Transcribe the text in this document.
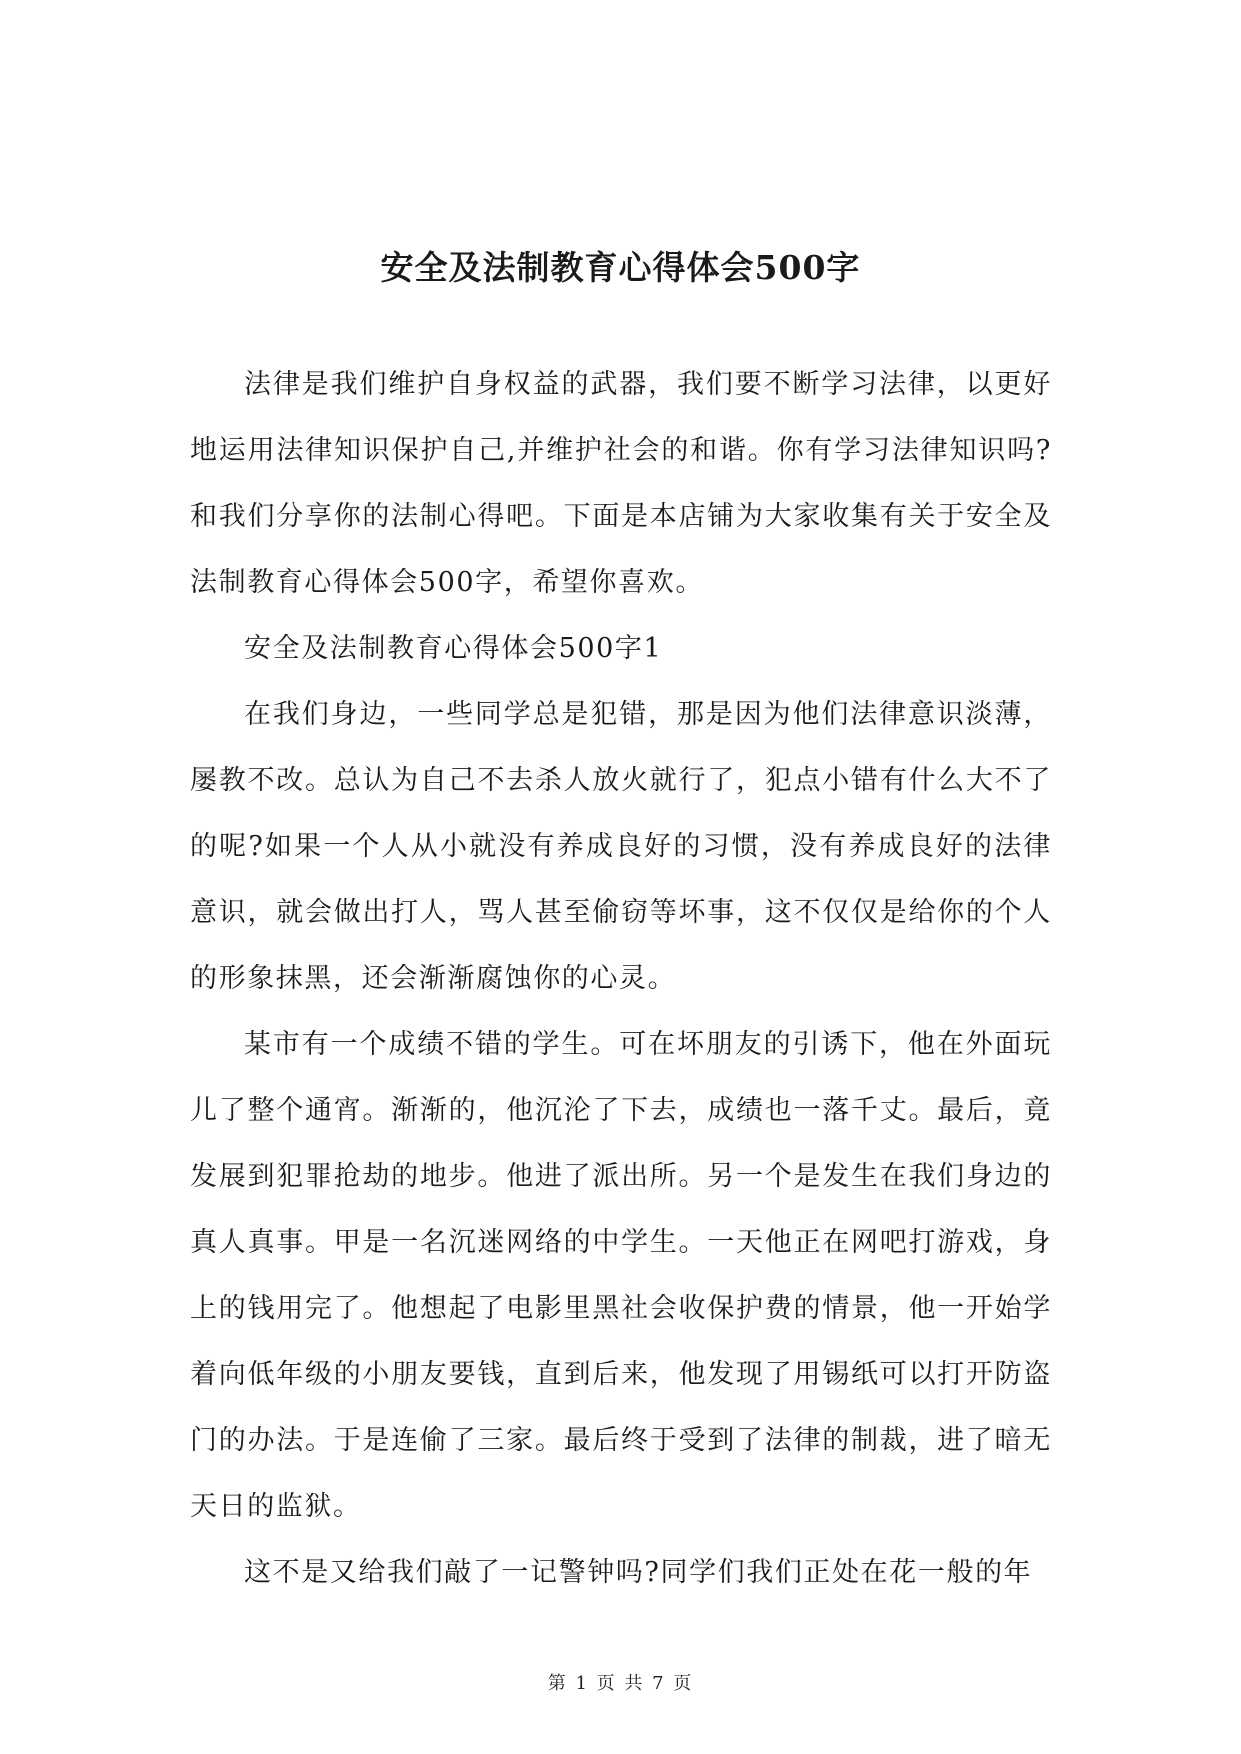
安全及法制教育心得体会500字

法律是我们维护自身权益的武器，我们要不断学习法律，以更好地运用法律知识保护自己,并维护社会的和谐。你有学习法律知识吗?和我们分享你的法制心得吧。下面是本店铺为大家收集有关于安全及法制教育心得体会500字，希望你喜欢。

安全及法制教育心得体会500字1

在我们身边，一些同学总是犯错，那是因为他们法律意识淡薄，屡教不改。总认为自己不去杀人放火就行了，犯点小错有什么大不了的呢?如果一个人从小就没有养成良好的习惯，没有养成良好的法律意识，就会做出打人，骂人甚至偷窃等坏事，这不仅仅是给你的个人的形象抹黑，还会渐渐腐蚀你的心灵。

某市有一个成绩不错的学生。可在坏朋友的引诱下，他在外面玩儿了整个通宵。渐渐的，他沉沦了下去，成绩也一落千丈。最后，竟发展到犯罪抢劫的地步。他进了派出所。另一个是发生在我们身边的真人真事。甲是一名沉迷网络的中学生。一天他正在网吧打游戏，身上的钱用完了。他想起了电影里黑社会收保护费的情景，他一开始学着向低年级的小朋友要钱，直到后来，他发现了用锡纸可以打开防盗门的办法。于是连偷了三家。最后终于受到了法律的制裁，进了暗无天日的监狱。

这不是又给我们敲了一记警钟吗?同学们我们正处在花一般的年

第 1 页 共 7 页
